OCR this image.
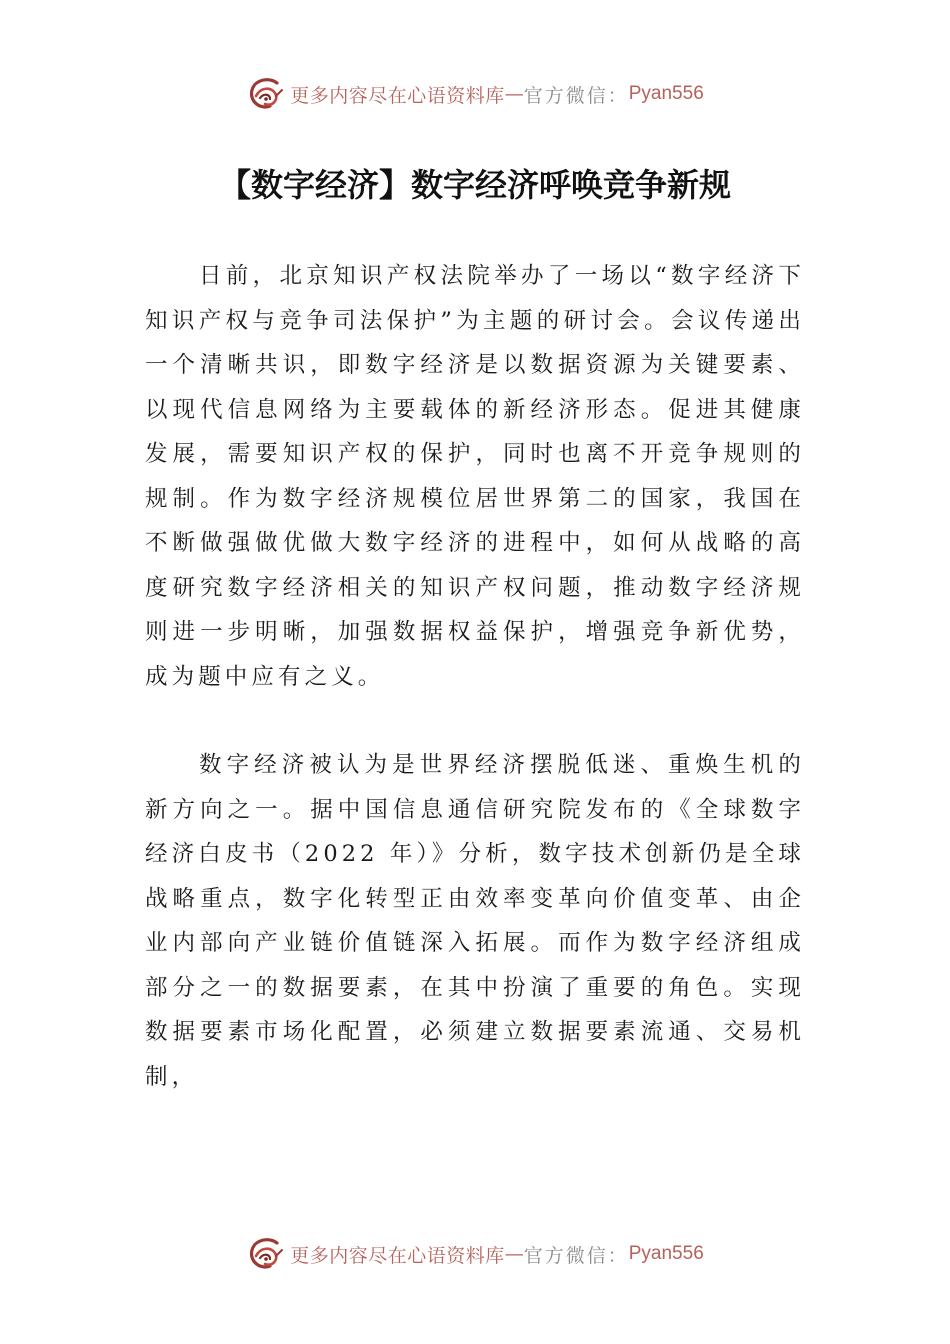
更多内容尽在心语资料库 — 官方微信： Pyan556
【数字经济】数字经济呼唤竞争新规

日前，北京知识产权法院举办了一场以“数字经济下知识产权与竞争司法保护”为主题的研讨会。会议传递出一个清晰共识，即数字经济是以数据资源为关键要素、以现代信息网络为主要载体的新经济形态。促进其健康发展，需要知识产权的保护，同时也离不开竞争规则的规制。作为数字经济规模位居世界第二的国家，我国在不断做强做优做大数字经济的进程中，如何从战略的高度研究数字经济相关的知识产权问题，推动数字经济规则进一步明晰，加强数据权益保护，增强竞争新优势，成为题中应有之义。

数字经济被认为是世界经济摆脱低迷、重焕生机的新方向之一。据中国信息通信研究院发布的《全球数字经济白皮书（2022 年）》分析，数字技术创新仍是全球战略重点，数字化转型正由效率变革向价值变革、由企业内部向产业链价值链深入拓展。而作为数字经济组成部分之一的数据要素，在其中扮演了重要的角色。实现数据要素市场化配置，必须建立数据要素流通、交易机制，

更多内容尽在心语资料库 — 官方微信： Pyan556
